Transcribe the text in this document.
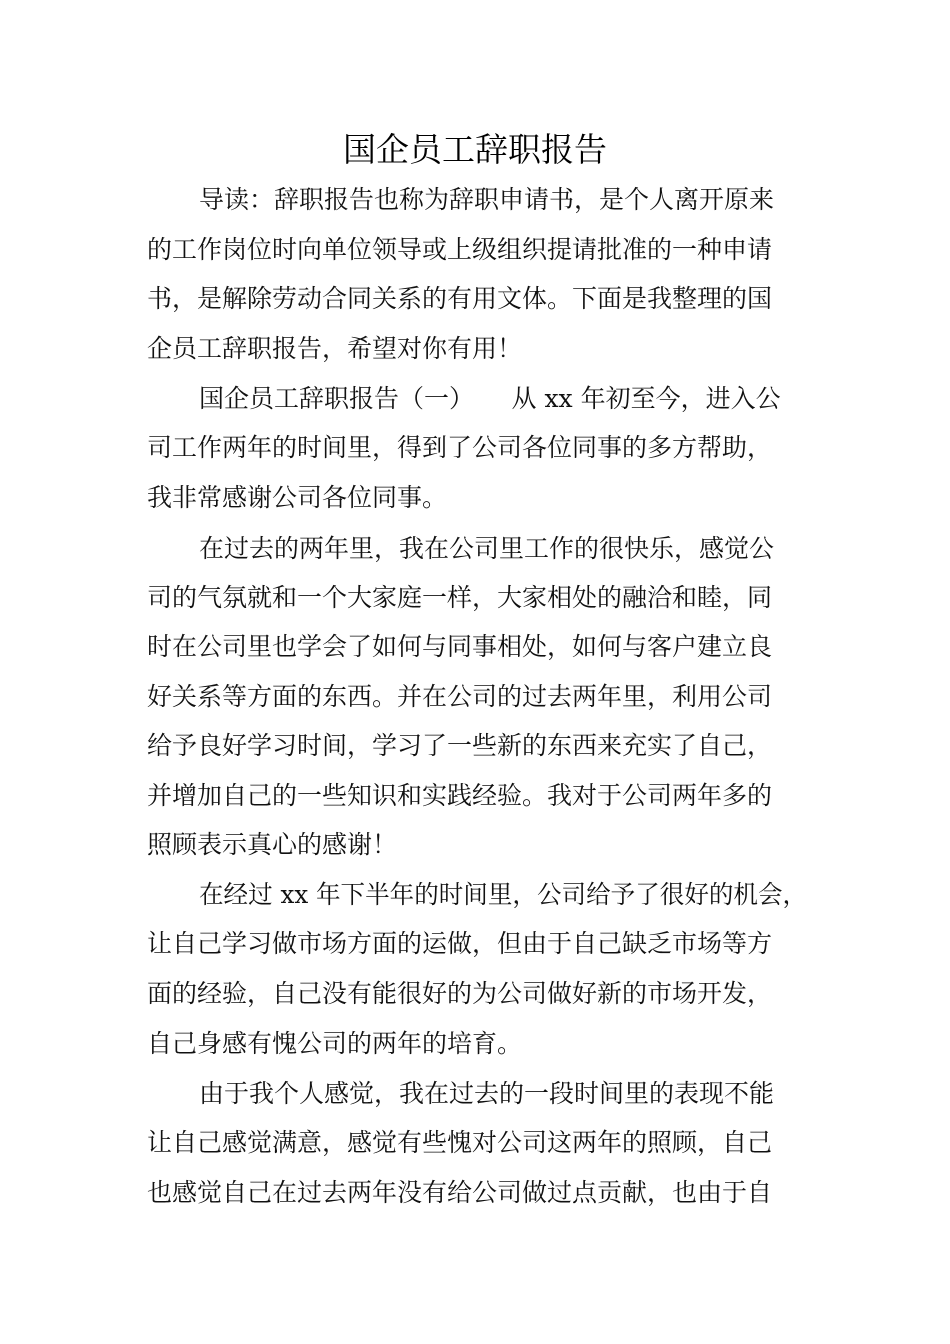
国企员工辞职报告

导读：辞职报告也称为辞职申请书，是个人离开原来

的工作岗位时向单位领导或上级组织提请批准的一种申请

书，是解除劳动合同关系的有用文体。下面是我整理的国

企员工辞职报告，希望对你有用！

国企员工辞职报告（一）　　从 xx 年初至今，进入公

司工作两年的时间里，得到了公司各位同事的多方帮助，

我非常感谢公司各位同事。

在过去的两年里，我在公司里工作的很快乐，感觉公

司的气氛就和一个大家庭一样，大家相处的融洽和睦，同

时在公司里也学会了如何与同事相处，如何与客户建立良

好关系等方面的东西。并在公司的过去两年里，利用公司

给予良好学习时间，学习了一些新的东西来充实了自己，

并增加自己的一些知识和实践经验。我对于公司两年多的

照顾表示真心的感谢！

在经过 xx 年下半年的时间里，公司给予了很好的机会，

让自己学习做市场方面的运做，但由于自己缺乏市场等方

面的经验，自己没有能很好的为公司做好新的市场开发，

自己身感有愧公司的两年的培育。

由于我个人感觉，我在过去的一段时间里的表现不能

让自己感觉满意，感觉有些愧对公司这两年的照顾，自己

也感觉自己在过去两年没有给公司做过点贡献，也由于自
